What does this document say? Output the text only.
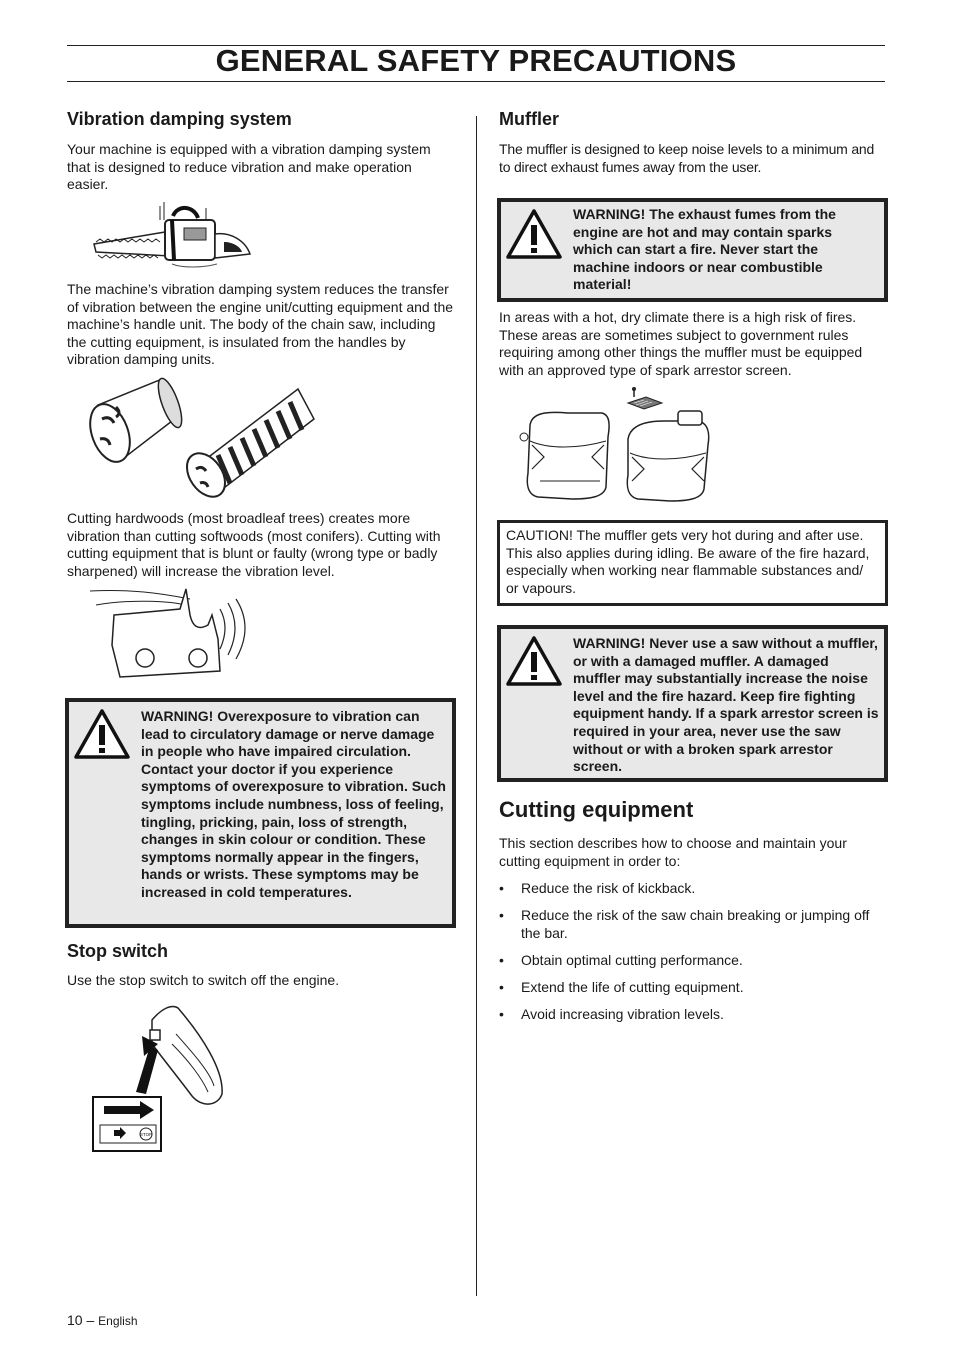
GENERAL SAFETY PRECAUTIONS
Vibration damping system
Your machine is equipped with a vibration damping system that is designed to reduce vibration and make operation easier.
The machine’s vibration damping system reduces the transfer of vibration between the engine unit/cutting equipment and the machine’s handle unit. The body of the chain saw, including the cutting equipment, is insulated from the handles by vibration damping units.
Cutting hardwoods (most broadleaf trees) creates more vibration than cutting softwoods (most conifers). Cutting with cutting equipment that is blunt or faulty (wrong type or badly sharpened) will increase the vibration level.
WARNING! Overexposure to vibration can lead to circulatory damage or nerve damage in people who have impaired circulation. Contact your doctor if you experience symptoms of overexposure to vibration. Such symptoms include numbness, loss of feeling, tingling, pricking, pain, loss of strength, changes in skin colour or condition. These symptoms normally appear in the fingers, hands or wrists. These symptoms may be increased in cold temperatures.
Stop switch
Use the stop switch to switch off the engine.
STOP
Muffler
The muffler is designed to keep noise levels to a minimum and to direct exhaust fumes away from the user.
WARNING! The exhaust fumes from the engine are hot and may contain sparks which can start a fire. Never start the machine indoors or near combustible material!
In areas with a hot, dry climate there is a high risk of fires. These areas are sometimes subject to government rules requiring among other things the muffler must be equipped with an approved type of spark arrestor screen.
CAUTION! The muffler gets very hot during and after use. This also applies during idling. Be aware of the fire hazard, especially when working near flammable substances and/ or vapours.
WARNING! Never use a saw without a muffler, or with a damaged muffler. A damaged muffler may substantially increase the noise level and the fire hazard. Keep fire fighting equipment handy. If a spark arrestor screen is required in your area, never use the saw without or with a broken spark arrestor screen.
Cutting equipment
This section describes how to choose and maintain your cutting equipment in order to:
• Reduce the risk of kickback.
• Reduce the risk of the saw chain breaking or jumping off the bar.
• Obtain optimal cutting performance.
• Extend the life of cutting equipment.
• Avoid increasing vibration levels.
10 – English
